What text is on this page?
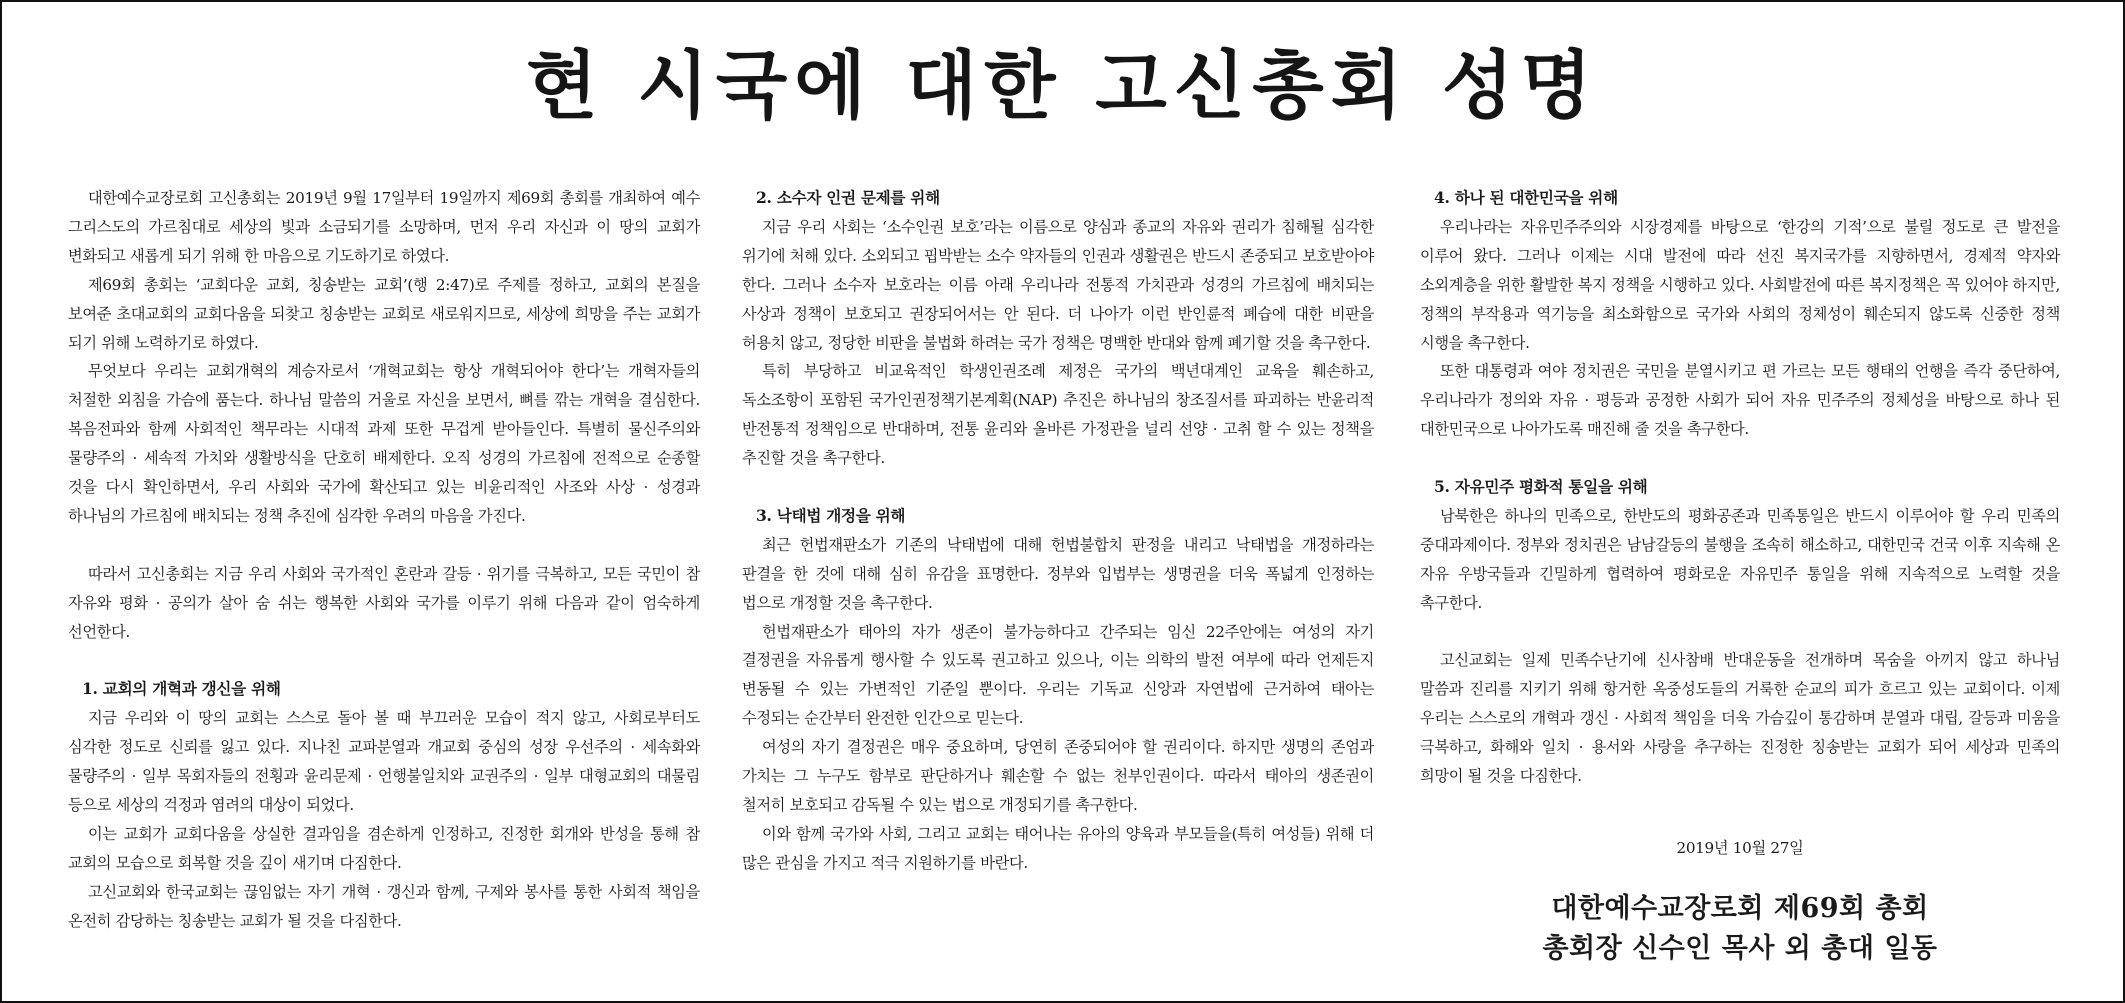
현 시국에 대한 고신총회 성명

대한예수교장로회 고신총회는 2019년 9월 17일부터 19일까지 제69회 총회를 개최하여 예수 그리스도의 가르침대로 세상의 빛과 소금되기를 소망하며, 먼저 우리 자신과 이 땅의 교회가 변화되고 새롭게 되기 위해 한 마음으로 기도하기로 하였다.

제69회 총회는 ‘교회다운 교회, 칭송받는 교회’(행 2:47)로 주제를 정하고, 교회의 본질을 보여준 초대교회의 교회다움을 되찾고 칭송받는 교회로 새로워지므로, 세상에 희망을 주는 교회가 되기 위해 노력하기로 하였다.

무엇보다 우리는 교회개혁의 계승자로서 ‘개혁교회는 항상 개혁되어야 한다’는 개혁자들의 처절한 외침을 가슴에 품는다. 하나님 말씀의 거울로 자신을 보면서, 뼈를 깎는 개혁을 결심한다. 복음전파와 함께 사회적인 책무라는 시대적 과제 또한 무겁게 받아들인다. 특별히 물신주의와 물량주의 · 세속적 가치와 생활방식을 단호히 배제한다. 오직 성경의 가르침에 전적으로 순종할 것을 다시 확인하면서, 우리 사회와 국가에 확산되고 있는 비윤리적인 사조와 사상 · 성경과 하나님의 가르침에 배치되는 정책 추진에 심각한 우려의 마음을 가진다.

따라서 고신총회는 지금 우리 사회와 국가적인 혼란과 갈등 · 위기를 극복하고, 모든 국민이 참 자유와 평화 · 공의가 살아 숨 쉬는 행복한 사회와 국가를 이루기 위해 다음과 같이 엄숙하게 선언한다.

1. 교회의 개혁과 갱신을 위해

지금 우리와 이 땅의 교회는 스스로 돌아 볼 때 부끄러운 모습이 적지 않고, 사회로부터도 심각한 정도로 신뢰를 잃고 있다. 지나친 교파분열과 개교회 중심의 성장 우선주의 · 세속화와 물량주의 · 일부 목회자들의 전횡과 윤리문제 · 언행불일치와 교권주의 · 일부 대형교회의 대물림 등으로 세상의 걱정과 염려의 대상이 되었다.

이는 교회가 교회다움을 상실한 결과임을 겸손하게 인정하고, 진정한 회개와 반성을 통해 참 교회의 모습으로 회복할 것을 깊이 새기며 다짐한다.

고신교회와 한국교회는 끊임없는 자기 개혁 · 갱신과 함께, 구제와 봉사를 통한 사회적 책임을 온전히 감당하는 칭송받는 교회가 될 것을 다짐한다.

2. 소수자 인권 문제를 위해

지금 우리 사회는 ‘소수인권 보호’라는 이름으로 양심과 종교의 자유와 권리가 침해될 심각한 위기에 처해 있다. 소외되고 핍박받는 소수 약자들의 인권과 생활권은 반드시 존중되고 보호받아야 한다. 그러나 소수자 보호라는 이름 아래 우리나라 전통적 가치관과 성경의 가르침에 배치되는 사상과 정책이 보호되고 권장되어서는 안 된다. 더 나아가 이런 반인륜적 폐습에 대한 비판을 허용치 않고, 정당한 비판을 불법화 하려는 국가 정책은 명백한 반대와 함께 폐기할 것을 촉구한다.

특히 부당하고 비교육적인 학생인권조례 제정은 국가의 백년대계인 교육을 훼손하고, 독소조항이 포함된 국가인권정책기본계획(NAP) 추진은 하나님의 창조질서를 파괴하는 반윤리적 반전통적 정책임으로 반대하며, 전통 윤리와 올바른 가정관을 널리 선양 · 고취 할 수 있는 정책을 추진할 것을 촉구한다.

3. 낙태법 개정을 위해

최근 헌법재판소가 기존의 낙태법에 대해 헌법불합치 판정을 내리고 낙태법을 개정하라는 판결을 한 것에 대해 심히 유감을 표명한다. 정부와 입법부는 생명권을 더욱 폭넓게 인정하는 법으로 개정할 것을 촉구한다.

헌법재판소가 태아의 자가 생존이 불가능하다고 간주되는 임신 22주안에는 여성의 자기 결정권을 자유롭게 행사할 수 있도록 권고하고 있으나, 이는 의학의 발전 여부에 따라 언제든지 변동될 수 있는 가변적인 기준일 뿐이다. 우리는 기독교 신앙과 자연법에 근거하여 태아는 수정되는 순간부터 완전한 인간으로 믿는다.

여성의 자기 결정권은 매우 중요하며, 당연히 존중되어야 할 권리이다. 하지만 생명의 존엄과 가치는 그 누구도 함부로 판단하거나 훼손할 수 없는 천부인권이다. 따라서 태아의 생존권이 철저히 보호되고 감독될 수 있는 법으로 개정되기를 촉구한다.

이와 함께 국가와 사회, 그리고 교회는 태어나는 유아의 양육과 부모들을(특히 여성들) 위해 더 많은 관심을 가지고 적극 지원하기를 바란다.

4. 하나 된 대한민국을 위해

우리나라는 자유민주주의와 시장경제를 바탕으로 ‘한강의 기적’으로 불릴 정도로 큰 발전을 이루어 왔다. 그러나 이제는 시대 발전에 따라 선진 복지국가를 지향하면서, 경제적 약자와 소외계층을 위한 활발한 복지 정책을 시행하고 있다. 사회발전에 따른 복지정책은 꼭 있어야 하지만, 정책의 부작용과 역기능을 최소화함으로 국가와 사회의 정체성이 훼손되지 않도록 신중한 정책 시행을 촉구한다.

또한 대통령과 여야 정치권은 국민을 분열시키고 편 가르는 모든 행태의 언행을 즉각 중단하여, 우리나라가 정의와 자유 · 평등과 공정한 사회가 되어 자유 민주주의 정체성을 바탕으로 하나 된 대한민국으로 나아가도록 매진해 줄 것을 촉구한다.

5. 자유민주 평화적 통일을 위해

남북한은 하나의 민족으로, 한반도의 평화공존과 민족통일은 반드시 이루어야 할 우리 민족의 중대과제이다. 정부와 정치권은 남남갈등의 불행을 조속히 해소하고, 대한민국 건국 이후 지속해 온 자유 우방국들과 긴밀하게 협력하여 평화로운 자유민주 통일을 위해 지속적으로 노력할 것을 촉구한다.

고신교회는 일제 민족수난기에 신사참배 반대운동을 전개하며 목숨을 아끼지 않고 하나님 말씀과 진리를 지키기 위해 항거한 옥중성도들의 거룩한 순교의 피가 흐르고 있는 교회이다. 이제 우리는 스스로의 개혁과 갱신 · 사회적 책임을 더욱 가슴깊이 통감하며 분열과 대립, 갈등과 미움을 극복하고, 화해와 일치 · 용서와 사랑을 추구하는 진정한 칭송받는 교회가 되어 세상과 민족의 희망이 될 것을 다짐한다.

2019년 10월 27일
대한예수교장로회 제69회 총회
총회장 신수인 목사 외 총대 일동
